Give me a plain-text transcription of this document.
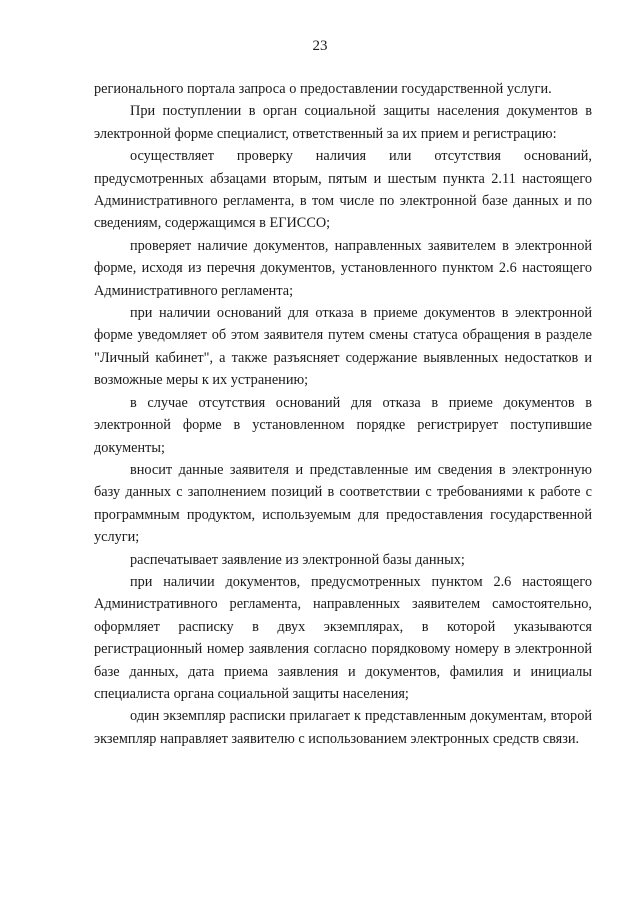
23

регионального портала запроса о предоставлении государственной услуги.

При поступлении в орган социальной защиты населения документов в электронной форме специалист, ответственный за их прием и регистрацию:

осуществляет проверку наличия или отсутствия оснований, предусмотренных абзацами вторым, пятым и шестым пункта 2.11 настоящего Административного регламента, в том числе по электронной базе данных и по сведениям, содержащимся в ЕГИССО;

проверяет наличие документов, направленных заявителем в электронной форме, исходя из перечня документов, установленного пунктом 2.6 настоящего Административного регламента;

при наличии оснований для отказа в приеме документов в электронной форме уведомляет об этом заявителя путем смены статуса обращения в разделе "Личный кабинет", а также разъясняет содержание выявленных недостатков и возможные меры к их устранению;

в случае отсутствия оснований для отказа в приеме документов в электронной форме в установленном порядке регистрирует поступившие документы;

вносит данные заявителя и представленные им сведения в электронную базу данных с заполнением позиций в соответствии с требованиями к работе с программным продуктом, используемым для предоставления государственной услуги;

распечатывает заявление из электронной базы данных;

при наличии документов, предусмотренных пунктом 2.6 настоящего Административного регламента, направленных заявителем самостоятельно, оформляет расписку в двух экземплярах, в которой указываются регистрационный номер заявления согласно порядковому номеру в электронной базе данных, дата приема заявления и документов, фамилия и инициалы специалиста органа социальной защиты населения;

один экземпляр расписки прилагает к представленным документам, второй экземпляр направляет заявителю с использованием электронных средств связи.
